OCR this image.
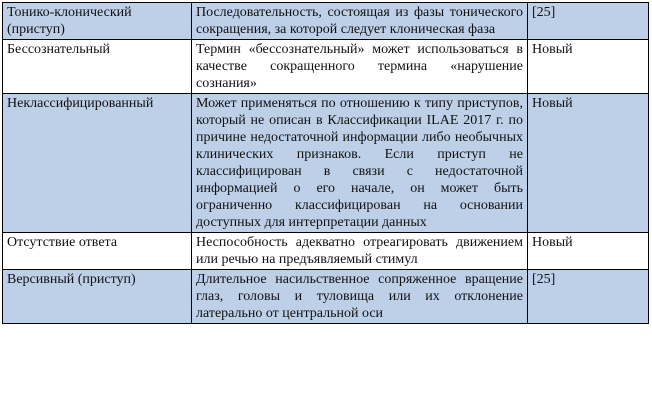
Тонико-клонический (приступ)	Последовательность, состоящая из фазы тонического сокращения, за которой следует клоническая фаза	[25]
Бессознательный	Термин «бессознательный» может использоваться в качестве сокращенного термина «нарушение сознания»	Новый
Неклассифицированный	Может применяться по отношению к типу приступов, который не описан в Классификации ILAE 2017 г. по причине недостаточной информации либо необычных клинических признаков. Если приступ не классифицирован в связи с недостаточной информацией о его начале, он может быть ограниченно классифицирован на основании доступных для интерпретации данных	Новый
Отсутствие ответа	Неспособность адекватно отреагировать движением или речью на предъявляемый стимул	Новый
Версивный (приступ)	Длительное насильственное сопряженное вращение глаз, головы и туловища или их отклонение латерально от центральной оси	[25]
